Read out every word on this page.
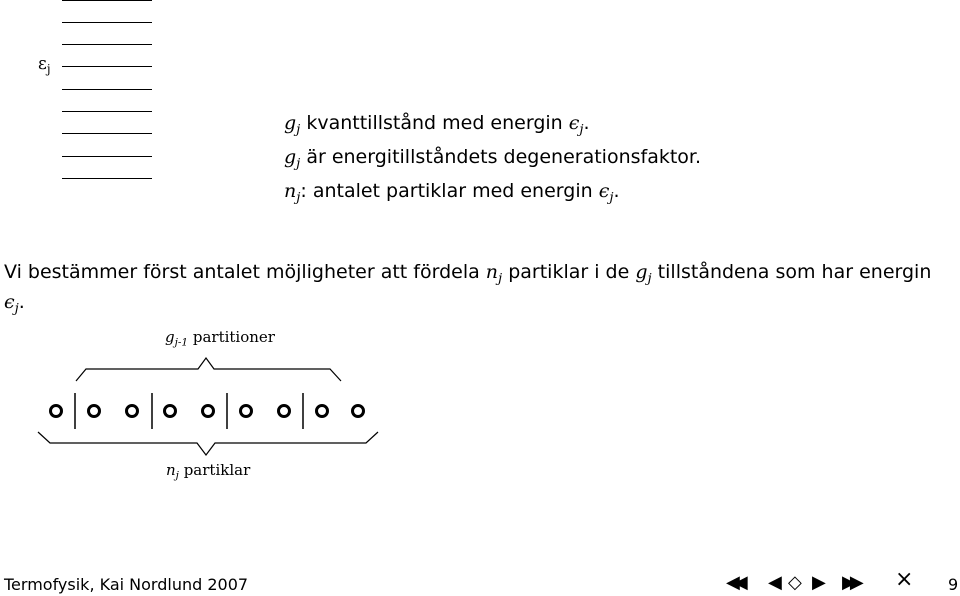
$\varepsilon_j$
$g_j$ kvanttillstånd med energin $\epsilon_j$.
$g_j$ är energitillståndets degenerationsfaktor.
$n_j$: antalet partiklar med energin $\epsilon_j$.
Vi bestämmer först antalet möjligheter att fördela $n_j$ partiklar i de $g_j$ tillståndena som har energin
$\epsilon_j$.
$g_{j-1}$ partitioner
$n_j$ partiklar
Termofysik, Kai Nordlund 2007	◀◀ ◀ ◇ ▶ ▶▶ × 9
